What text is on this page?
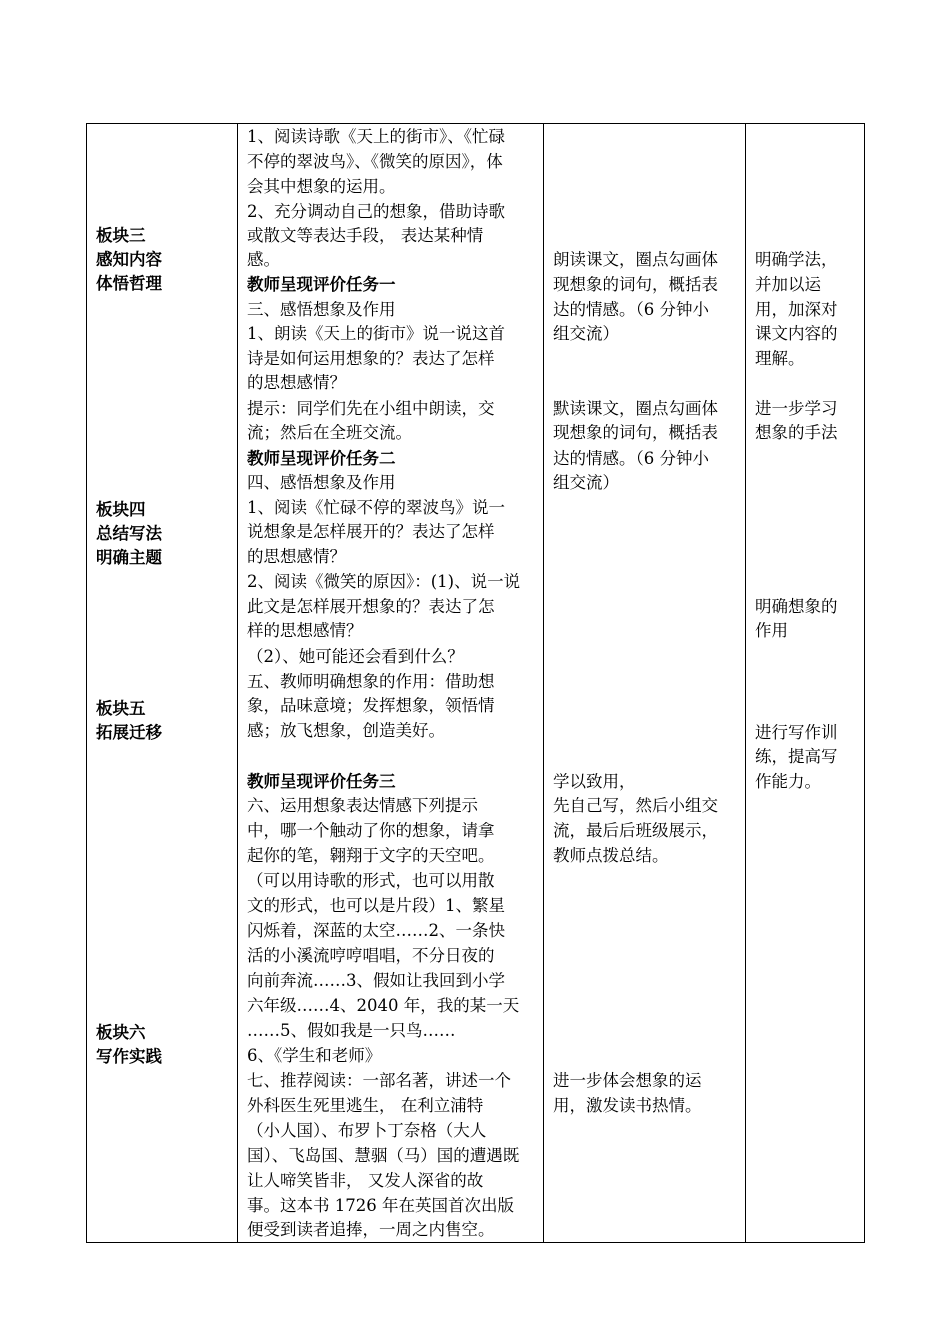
板块三
感知内容
体悟哲理
板块四
总结写法
明确主题
板块五
拓展迁移
板块六
写作实践
1、阅读诗歌《天上的街市》、《忙碌
不停的翠波鸟》、《微笑的原因》，体
会其中想象的运用。
2、充分调动自己的想象，借助诗歌
或散文等表达手段， 表达某种情
感。
教师呈现评价任务一
三、感悟想象及作用
1、朗读《天上的街市》说一说这首
诗是如何运用想象的？表达了怎样
的思想感情？
提示：同学们先在小组中朗读，交
流；然后在全班交流。
教师呈现评价任务二
四、感悟想象及作用
1、阅读《忙碌不停的翠波鸟》说一
说想象是怎样展开的？表达了怎样
的思想感情？
2、阅读《微笑的原因》：(1)、说一说
此文是怎样展开想象的？表达了怎
样的思想感情？
（2）、她可能还会看到什么？
五、教师明确想象的作用：借助想
象，品味意境；发挥想象，领悟情
感；放飞想象，创造美好。
教师呈现评价任务三
六、运用想象表达情感下列提示
中，哪一个触动了你的想象，请拿
起你的笔，翱翔于文字的天空吧。
（可以用诗歌的形式，也可以用散
文的形式，也可以是片段）1、繁星
闪烁着，深蓝的太空……2、一条快
活的小溪流哼哼唱唱，不分日夜的
向前奔流……3、假如让我回到小学
六年级……4、2040 年，我的某一天
……5、假如我是一只鸟……
6、《学生和老师》
七、推荐阅读：一部名著，讲述一个
外科医生死里逃生， 在利立浦特
（小人国）、布罗卜丁奈格（大人
国）、飞岛国、慧骃（马）国的遭遇既
让人啼笑皆非， 又发人深省的故
事。这本书 1726 年在英国首次出版
便受到读者追捧，一周之内售空。
朗读课文，圈点勾画体
现想象的词句，概括表
达的情感。（6 分钟小
组交流）
默读课文，圈点勾画体
现想象的词句，概括表
达的情感。（6 分钟小
组交流）
学以致用，
先自己写，然后小组交
流，最后后班级展示，
教师点拨总结。
进一步体会想象的运
用，激发读书热情。
明确学法，
并加以运
用，加深对
课文内容的
理解。
进一步学习
想象的手法
明确想象的
作用
进行写作训
练，提高写
作能力。
